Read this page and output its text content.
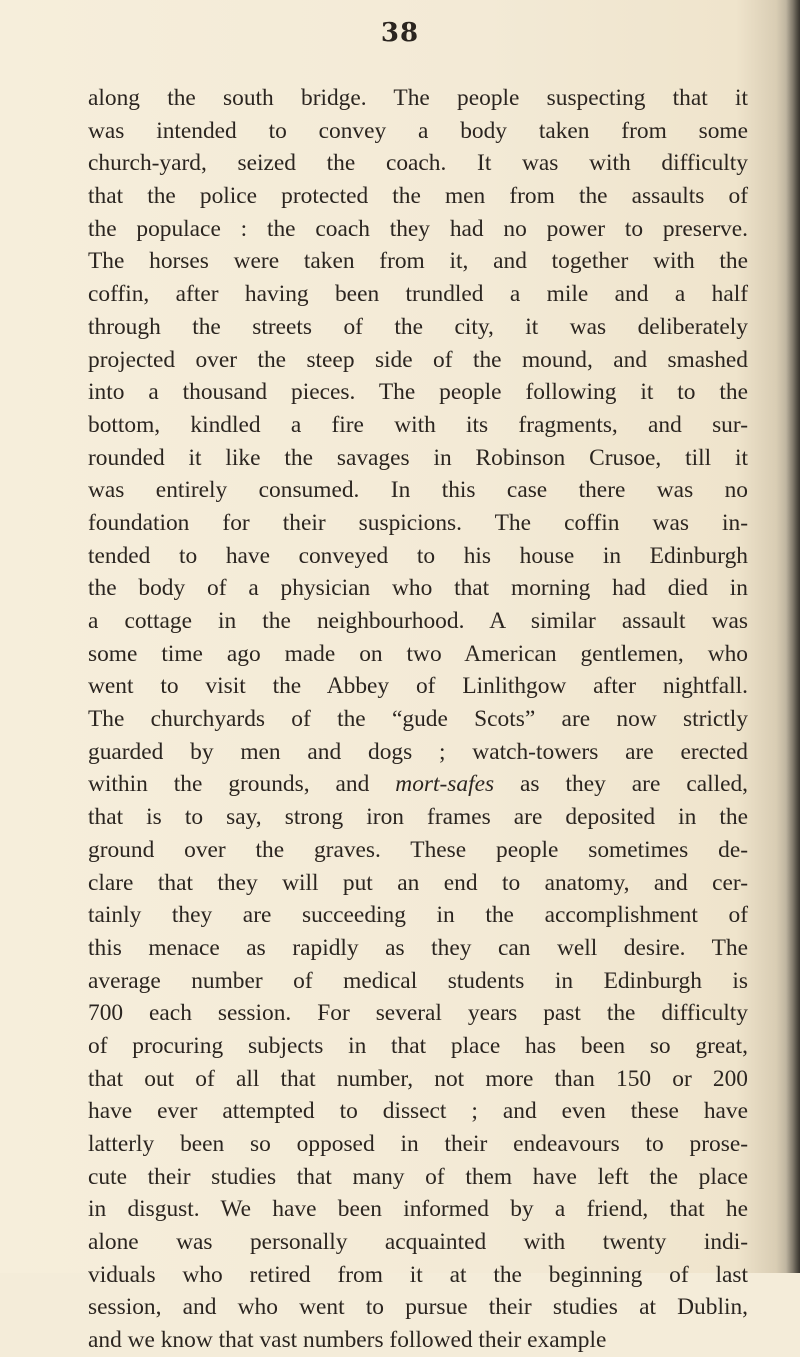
38
along the south bridge. The people suspecting that it
was intended to convey a body taken from some
church-yard, seized the coach. It was with difficulty
that the police protected the men from the assaults of
the populace : the coach they had no power to preserve.
The horses were taken from it, and together with the
coffin, after having been trundled a mile and a half
through the streets of the city, it was deliberately
projected over the steep side of the mound, and smashed
into a thousand pieces. The people following it to the
bottom, kindled a fire with its fragments, and sur-
rounded it like the savages in Robinson Crusoe, till it
was entirely consumed. In this case there was no
foundation for their suspicions. The coffin was in-
tended to have conveyed to his house in Edinburgh
the body of a physician who that morning had died in
a cottage in the neighbourhood. A similar assault was
some time ago made on two American gentlemen, who
went to visit the Abbey of Linlithgow after nightfall.
The churchyards of the “gude Scots” are now strictly
guarded by men and dogs ; watch-towers are erected
within the grounds, and mort-safes as they are called,
that is to say, strong iron frames are deposited in the
ground over the graves. These people sometimes de-
clare that they will put an end to anatomy, and cer-
tainly they are succeeding in the accomplishment of
this menace as rapidly as they can well desire. The
average number of medical students in Edinburgh is
700 each session. For several years past the difficulty
of procuring subjects in that place has been so great,
that out of all that number, not more than 150 or 200
have ever attempted to dissect ; and even these have
latterly been so opposed in their endeavours to prose-
cute their studies that many of them have left the place
in disgust. We have been informed by a friend, that he
alone was personally acquainted with twenty indi-
viduals who retired from it at the beginning of last
session, and who went to pursue their studies at Dublin,
and we know that vast numbers followed their example
